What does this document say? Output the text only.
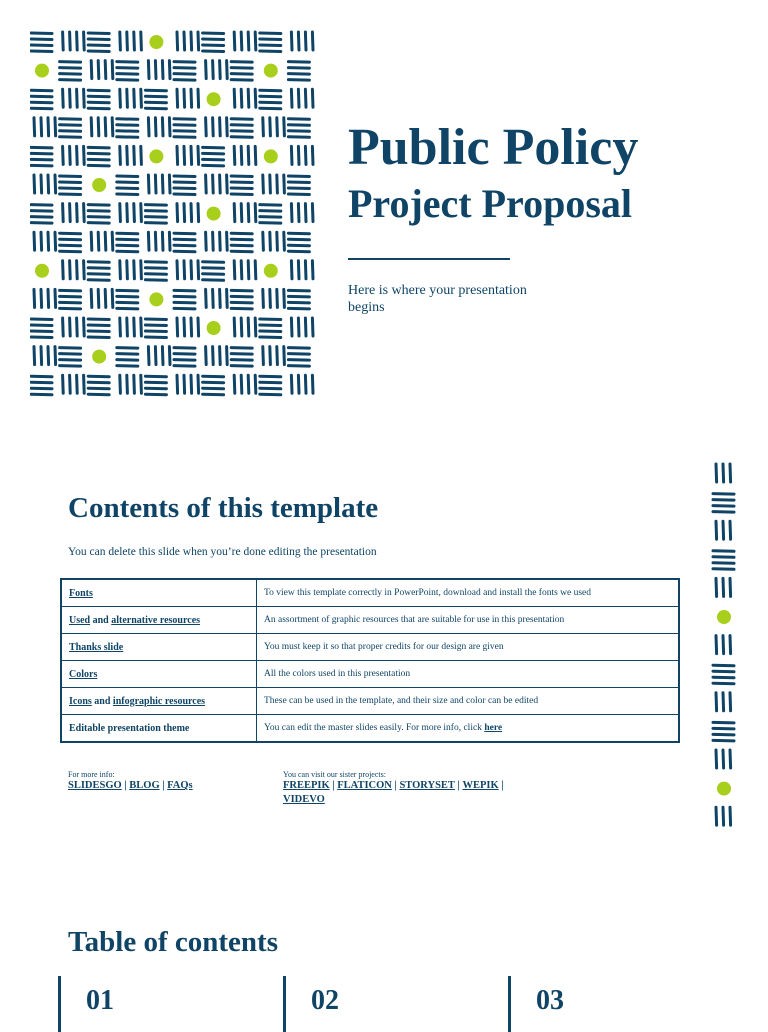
Public Policy
Project Proposal
Here is where your presentation begins
Contents of this template
You can delete this slide when you’re done editing the presentation
Fonts	To view this template correctly in PowerPoint, download and install the fonts we used
Used and alternative resources	An assortment of graphic resources that are suitable for use in this presentation
Thanks slide	You must keep it so that proper credits for our design are given
Colors	All the colors used in this presentation
Icons and infographic resources	These can be used in the template, and their size and color can be edited
Editable presentation theme	You can edit the master slides easily. For more info, click here
For more info:
SLIDESGO | BLOG | FAQs
You can visit our sister projects:
FREEPIK | FLATICON | STORYSET | WEPIK |
VIDEVO
Table of contents
01	02	03
